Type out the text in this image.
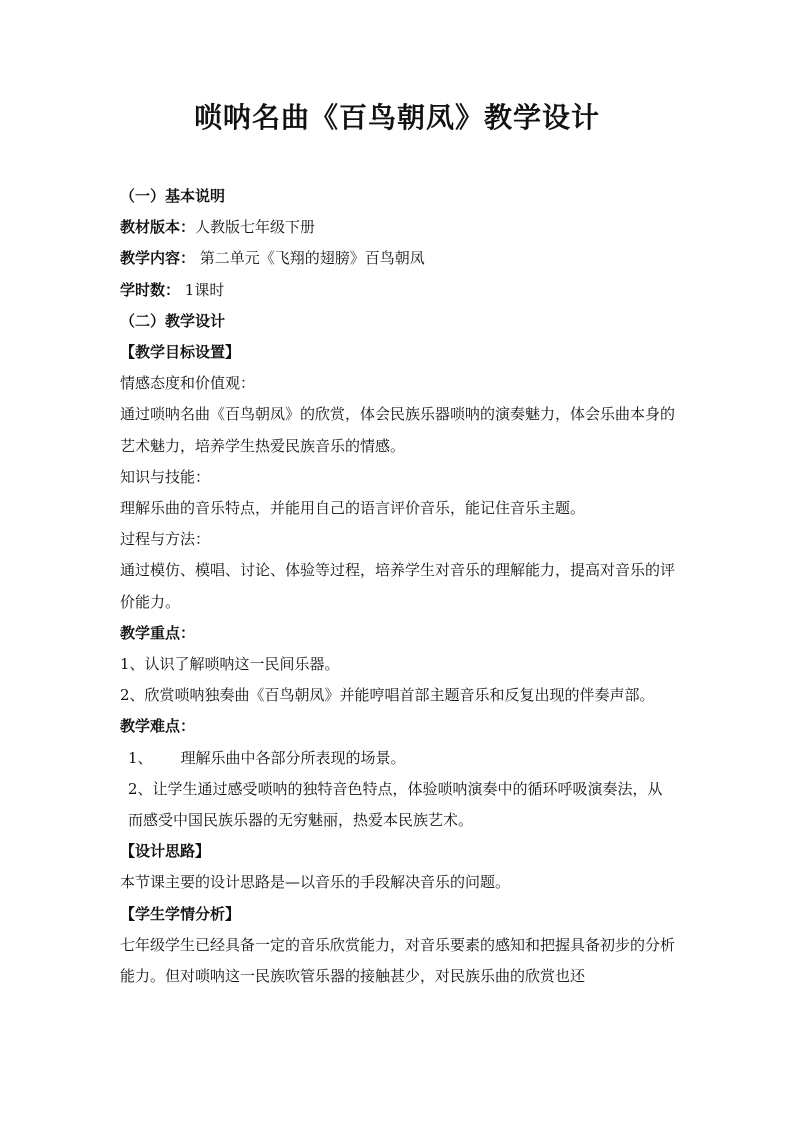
唢呐名曲《百鸟朝凤》教学设计

（一）基本说明

教材版本：人教版七年级下册

教学内容： 第二单元《飞翔的翅膀》百鸟朝凤

学时数： 1课时

（二）教学设计

【教学目标设置】

情感态度和价值观：

通过唢呐名曲《百鸟朝凤》的欣赏，体会民族乐器唢呐的演奏魅力，体会乐曲本身的艺术魅力，培养学生热爱民族音乐的情感。

知识与技能：

理解乐曲的音乐特点，并能用自己的语言评价音乐，能记住音乐主题。

过程与方法：

通过模仿、模唱、讨论、体验等过程，培养学生对音乐的理解能力，提高对音乐的评价能力。

教学重点：

1、认识了解唢呐这一民间乐器。

2、欣赏唢呐独奏曲《百鸟朝凤》并能哼唱首部主题音乐和反复出现的伴奏声部。

教学难点：

1、 理解乐曲中各部分所表现的场景。

2、让学生通过感受唢呐的独特音色特点，体验唢呐演奏中的循环呼吸演奏法，从而感受中国民族乐器的无穷魅丽，热爱本民族艺术。

【设计思路】

本节课主要的设计思路是—以音乐的手段解决音乐的问题。

【学生学情分析】

七年级学生已经具备一定的音乐欣赏能力，对音乐要素的感知和把握具备初步的分析能力。但对唢呐这一民族吹管乐器的接触甚少，对民族乐曲的欣赏也还
